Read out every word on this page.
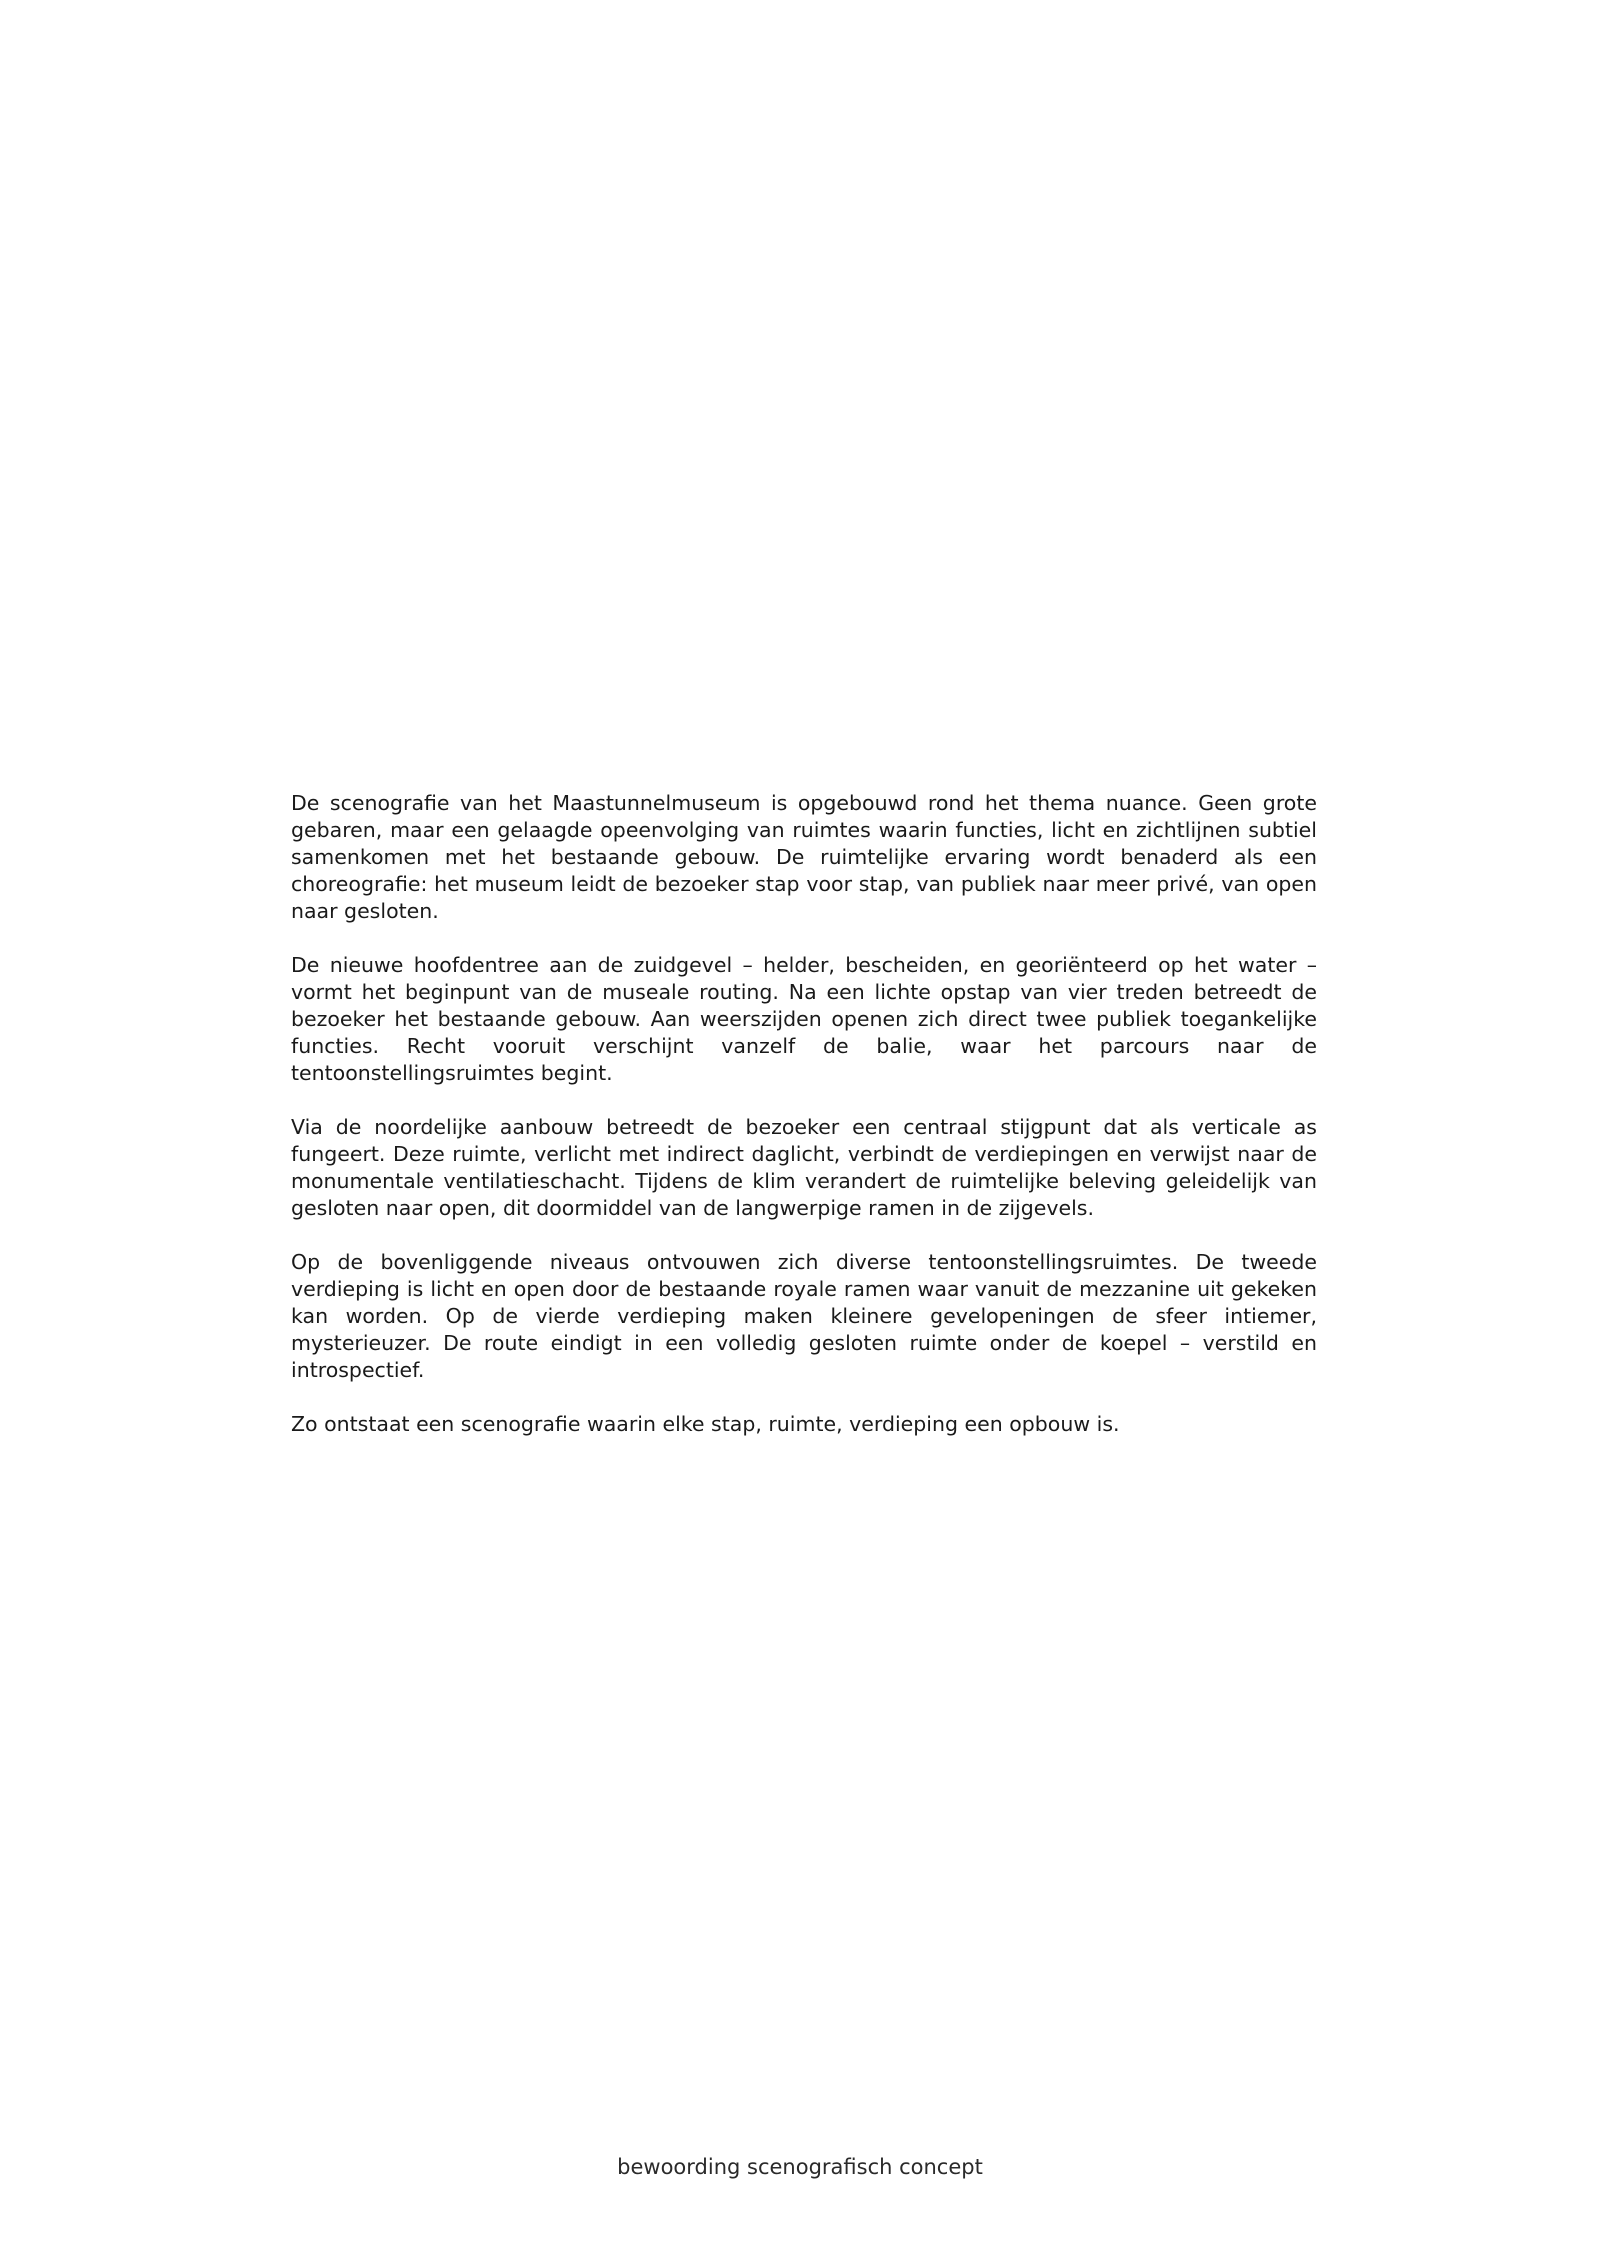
De scenografie van het Maastunnelmuseum is opgebouwd rond het thema nuance. Geen grote gebaren, maar een gelaagde opeenvolging van ruimtes waarin functies, licht en zichtlijnen subtiel samenkomen met het bestaande gebouw. De ruimtelijke ervaring wordt benaderd als een choreografie: het museum leidt de bezoeker stap voor stap, van publiek naar meer privé, van open naar gesloten.

De nieuwe hoofdentree aan de zuidgevel – helder, bescheiden, en georiënteerd op het water – vormt het beginpunt van de museale routing. Na een lichte opstap van vier treden betreedt de bezoeker het bestaande gebouw. Aan weerszijden openen zich direct twee publiek toegankelijke functies. Recht vooruit verschijnt vanzelf de balie, waar het parcours naar de tentoonstellingsruimtes begint.

Via de noordelijke aanbouw betreedt de bezoeker een centraal stijgpunt dat als verticale as fungeert. Deze ruimte, verlicht met indirect daglicht, verbindt de verdiepingen en verwijst naar de monumentale ventilatieschacht. Tijdens de klim verandert de ruimtelijke beleving geleidelijk van gesloten naar open, dit doormiddel van de langwerpige ramen in de zijgevels.

Op de bovenliggende niveaus ontvouwen zich diverse tentoonstellingsruimtes. De tweede verdieping is licht en open door de bestaande royale ramen waar vanuit de mezzanine uit gekeken kan worden. Op de vierde verdieping maken kleinere gevelopeningen de sfeer intiemer, mysterieuzer. De route eindigt in een volledig gesloten ruimte onder de koepel – verstild en introspectief.

Zo ontstaat een scenografie waarin elke stap, ruimte, verdieping een opbouw is.

bewoording scenografisch concept
